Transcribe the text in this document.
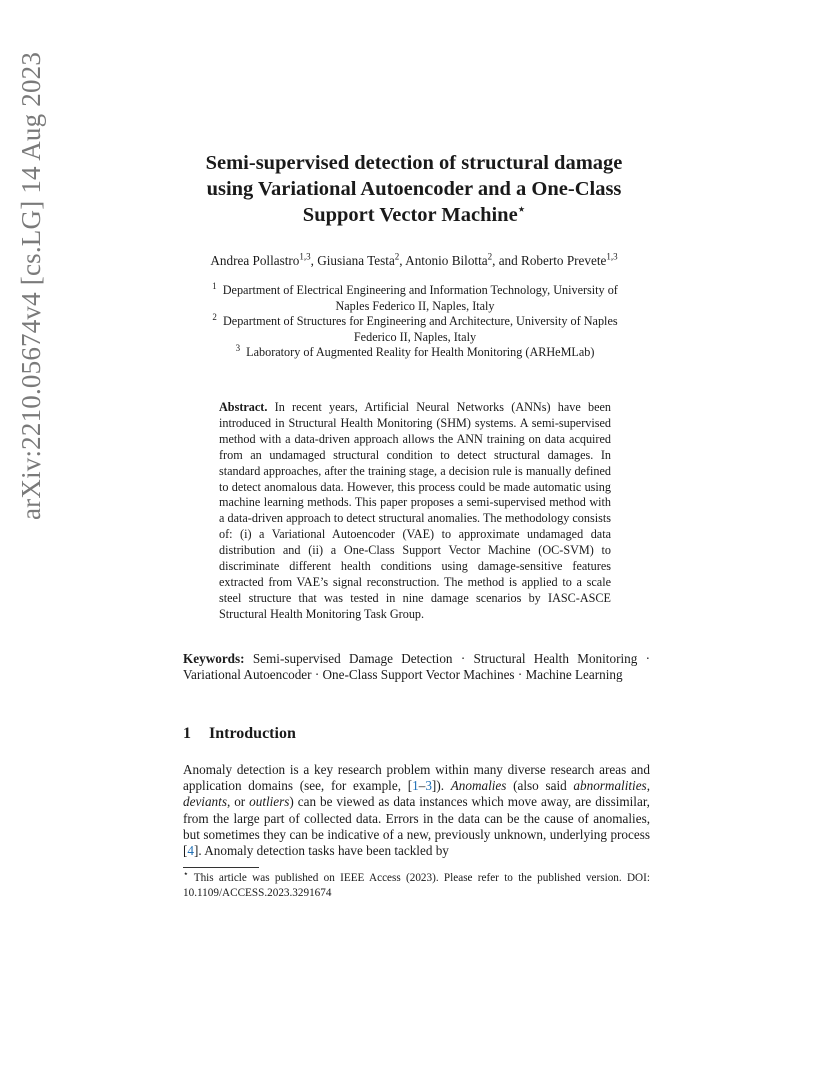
arXiv:2210.05674v4 [cs.LG] 14 Aug 2023	Semi-supervised detection of structural damage
using Variational Autoencoder and a One-Class
Support Vector Machine⋆
Andrea Pollastro$^{1,3}$, Giusiana Testa$^2$, Antonio Bilotta$^2$, and Roberto Prevete$^{1,3}$
$^1$ Department of Electrical Engineering and Information Technology, University of
Naples Federico II, Naples, Italy
$^2$ Department of Structures for Engineering and Architecture, University of Naples
Federico II, Naples, Italy
$^3$ Laboratory of Augmented Reality for Health Monitoring (ARHeMLab)
Abstract. In recent years, Artificial Neural Networks (ANNs) have been introduced in Structural Health Monitoring (SHM) systems. A semi-supervised method with a data-driven approach allows the ANN training on data acquired from an undamaged structural condition to detect structural damages. In standard approaches, after the training stage, a decision rule is manually defined to detect anomalous data. However, this process could be made automatic using machine learning methods. This paper proposes a semi-supervised method with a data-driven approach to detect structural anomalies. The methodology consists of: (i) a Variational Autoencoder (VAE) to approximate undamaged data distribution and (ii) a One-Class Support Vector Machine (OC-SVM) to discriminate different health conditions using damage-sensitive features extracted from VAE’s signal reconstruction. The method is applied to a scale steel structure that was tested in nine damage scenarios by IASC-ASCE Structural Health Monitoring Task Group.
Keywords: Semi-supervised Damage Detection · Structural Health Monitoring · Variational Autoencoder · One-Class Support Vector Machines · Machine Learning
1 Introduction
Anomaly detection is a key research problem within many diverse research areas and application domains (see, for example, [1–3]). Anomalies (also said abnormalities, deviants, or outliers) can be viewed as data instances which move away, are dissimilar, from the large part of collected data. Errors in the data can be the cause of anomalies, but sometimes they can be indicative of a new, previously unknown, underlying process [4]. Anomaly detection tasks have been tackled by
⋆ This article was published on IEEE Access (2023). Please refer to the published version. DOI: 10.1109/ACCESS.2023.3291674
